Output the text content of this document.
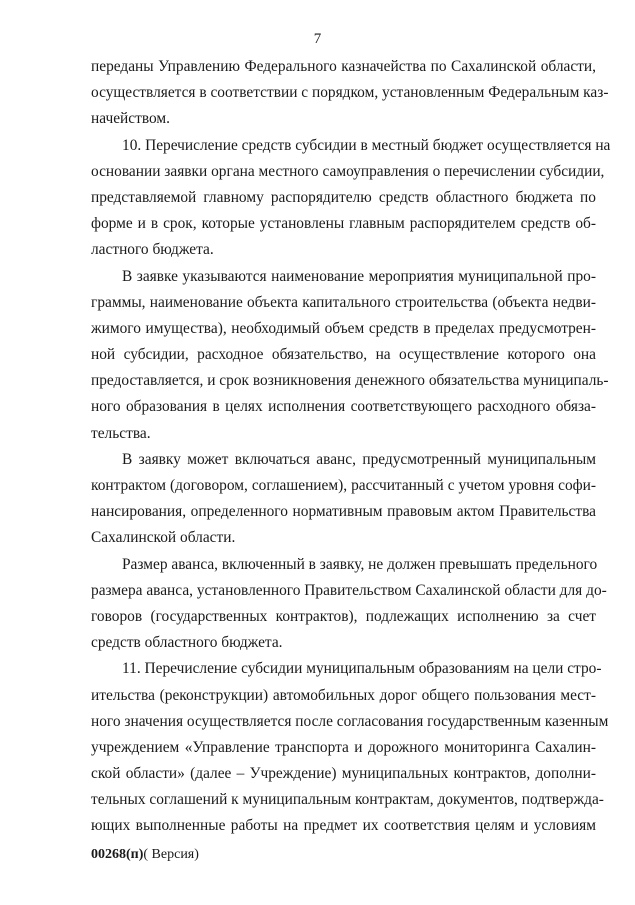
7
переданы Управлению Федерального казначейства по Сахалинской области,
осуществляется в соответствии с порядком, установленным Федеральным каз-
начейством.
10. Перечисление средств субсидии в местный бюджет осуществляется на
основании заявки органа местного самоуправления о перечислении субсидии,
представляемой главному распорядителю средств областного бюджета по
форме и в срок, которые установлены главным распорядителем средств об-
ластного бюджета.
В заявке указываются наименование мероприятия муниципальной про-
граммы, наименование объекта капитального строительства (объекта недви-
жимого имущества), необходимый объем средств в пределах предусмотрен-
ной субсидии, расходное обязательство, на осуществление которого она
предоставляется, и срок возникновения денежного обязательства муниципаль-
ного образования в целях исполнения соответствующего расходного обяза-
тельства.
В заявку может включаться аванс, предусмотренный муниципальным
контрактом (договором, соглашением), рассчитанный с учетом уровня софи-
нансирования, определенного нормативным правовым актом Правительства
Сахалинской области.
Размер аванса, включенный в заявку, не должен превышать предельного
размера аванса, установленного Правительством Сахалинской области для до-
говоров (государственных контрактов), подлежащих исполнению за счет
средств областного бюджета.
11. Перечисление субсидии муниципальным образованиям на цели стро-
ительства (реконструкции) автомобильных дорог общего пользования мест-
ного значения осуществляется после согласования государственным казенным
учреждением «Управление транспорта и дорожного мониторинга Сахалин-
ской области» (далее – Учреждение) муниципальных контрактов, дополни-
тельных соглашений к муниципальным контрактам, документов, подтвержда-
ющих выполненные работы на предмет их соответствия целям и условиям
00268(п)( Версия)
